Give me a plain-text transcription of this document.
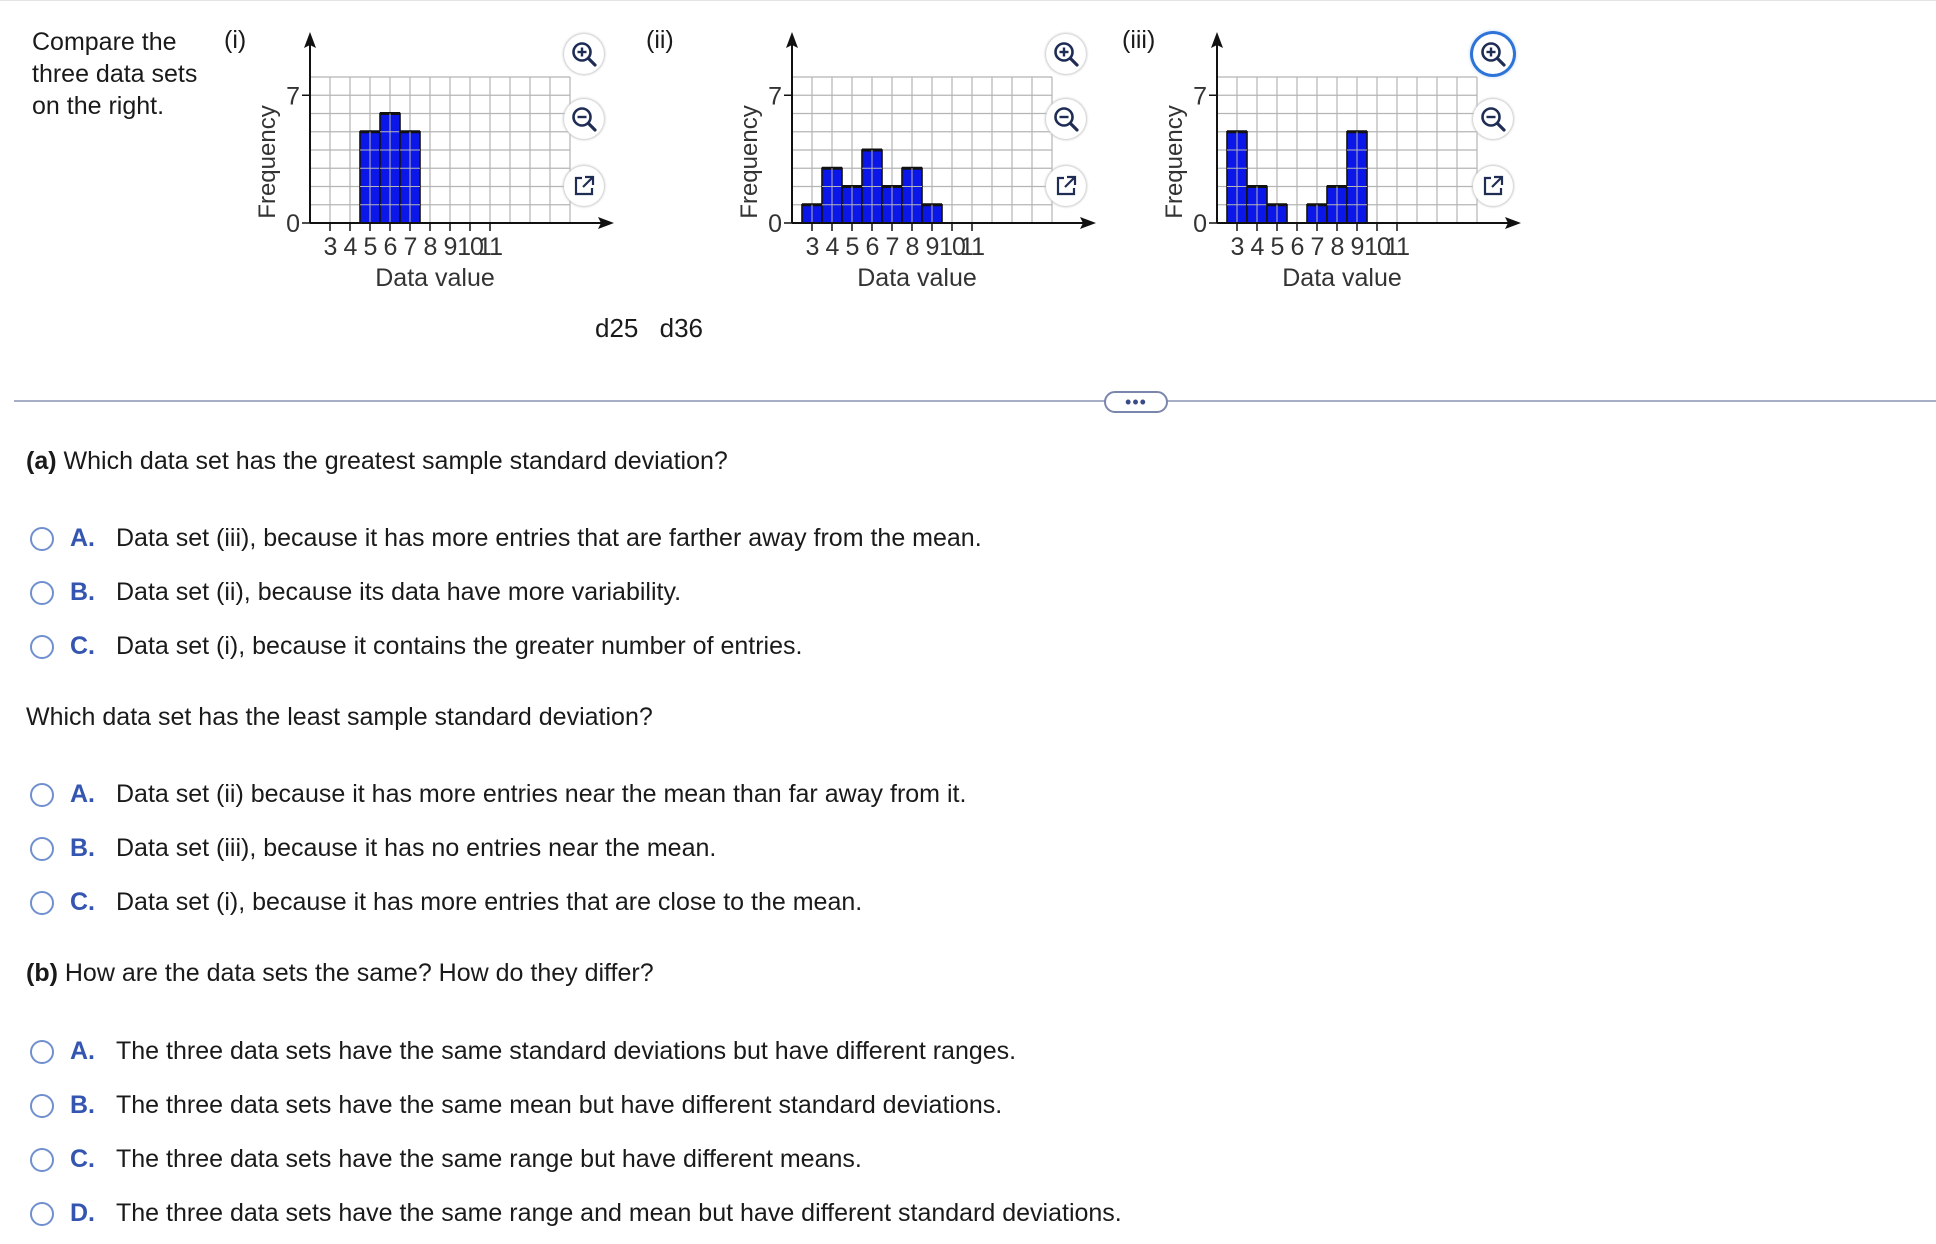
Compare the
three data sets
on the right.
(i)
3 4 5 6 7 8 9 10
11
0
7
Data value
Frequency
(ii)
3 4 5 6 7 8 9 10
11
0
7
Data value
Frequency
(iii)
3 4 5 6 7 8 9 10
11
0
7
Data value
Frequency
d25 d36
•••
(a) Which data set has the greatest sample standard deviation?
A. Data set (iii), because it has more entries that are farther away from the mean.
B. Data set (ii), because its data have more variability.
C. Data set (i), because it contains the greater number of entries.
Which data set has the least sample standard deviation?
A. Data set (ii) because it has more entries near the mean than far away from it.
B. Data set (iii), because it has no entries near the mean.
C. Data set (i), because it has more entries that are close to the mean.
(b) How are the data sets the same? How do they differ?
A. The three data sets have the same standard deviations but have different ranges.
B. The three data sets have the same mean but have different standard deviations.
C. The three data sets have the same range but have different means.
D. The three data sets have the same range and mean but have different standard deviations.
